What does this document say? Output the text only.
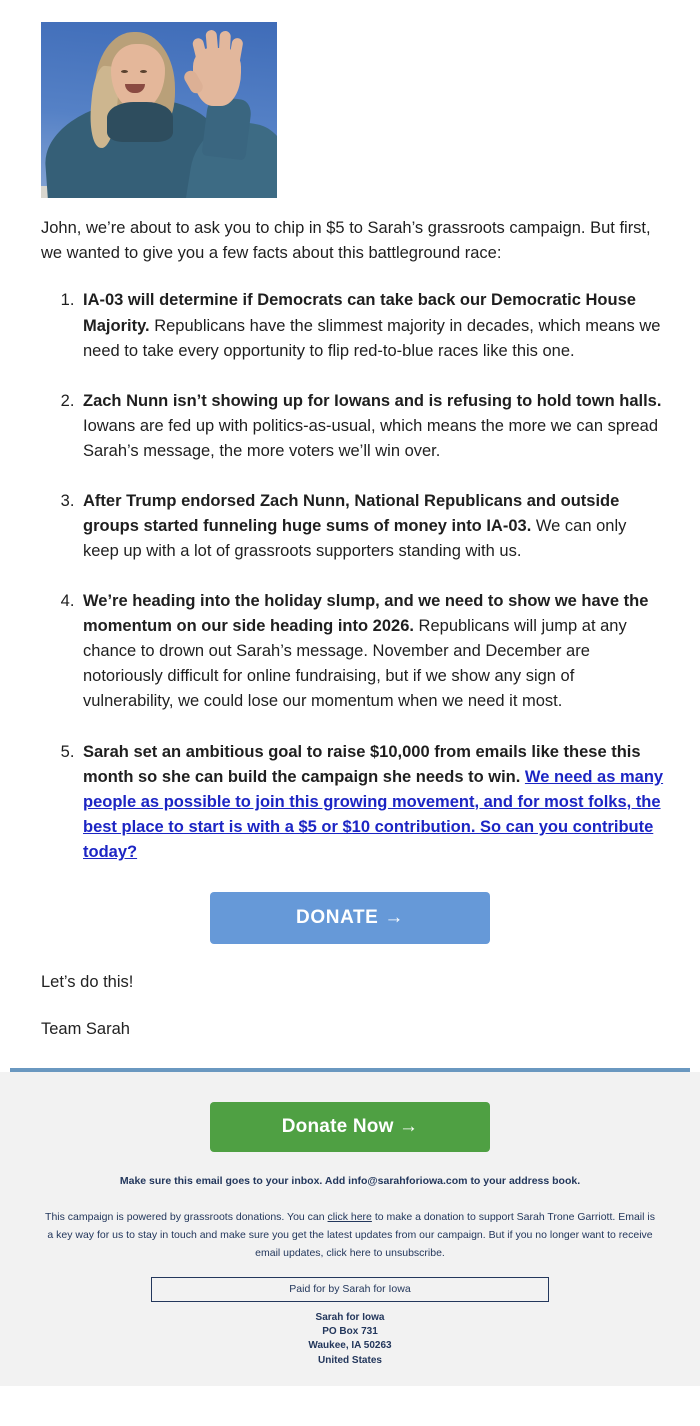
John, we’re about to ask you to chip in $5 to Sarah’s grassroots campaign. But first, we wanted to give you a few facts about this battleground race:

1. IA-03 will determine if Democrats can take back our Democratic House Majority. Republicans have the slimmest majority in decades, which means we need to take every opportunity to flip red-to-blue races like this one.
2. Zach Nunn isn’t showing up for Iowans and is refusing to hold town halls. Iowans are fed up with politics-as-usual, which means the more we can spread Sarah’s message, the more voters we’ll win over.
3. After Trump endorsed Zach Nunn, National Republicans and outside groups started funneling huge sums of money into IA-03. We can only keep up with a lot of grassroots supporters standing with us.
4. We’re heading into the holiday slump, and we need to show we have the momentum on our side heading into 2026. Republicans will jump at any chance to drown out Sarah’s message. November and December are notoriously difficult for online fundraising, but if we show any sign of vulnerability, we could lose our momentum when we need it most.
5. Sarah set an ambitious goal to raise $10,000 from emails like these this month so she can build the campaign she needs to win. We need as many people as possible to join this growing movement, and for most folks, the best place to start is with a $5 or $10 contribution. So can you contribute today?
DONATE →

Let’s do this!

Team Sarah

Donate Now →
Make sure this email goes to your inbox. Add info@sarahforiowa.com to your address book.
This campaign is powered by grassroots donations. You can click here to make a donation to support Sarah Trone Garriott. Email is a key way for us to stay in touch and make sure you get the latest updates from our campaign. But if you no longer want to receive email updates, click here to unsubscribe.
Paid for by Sarah for Iowa
Sarah for Iowa
PO Box 731
Waukee, IA 50263
United States
